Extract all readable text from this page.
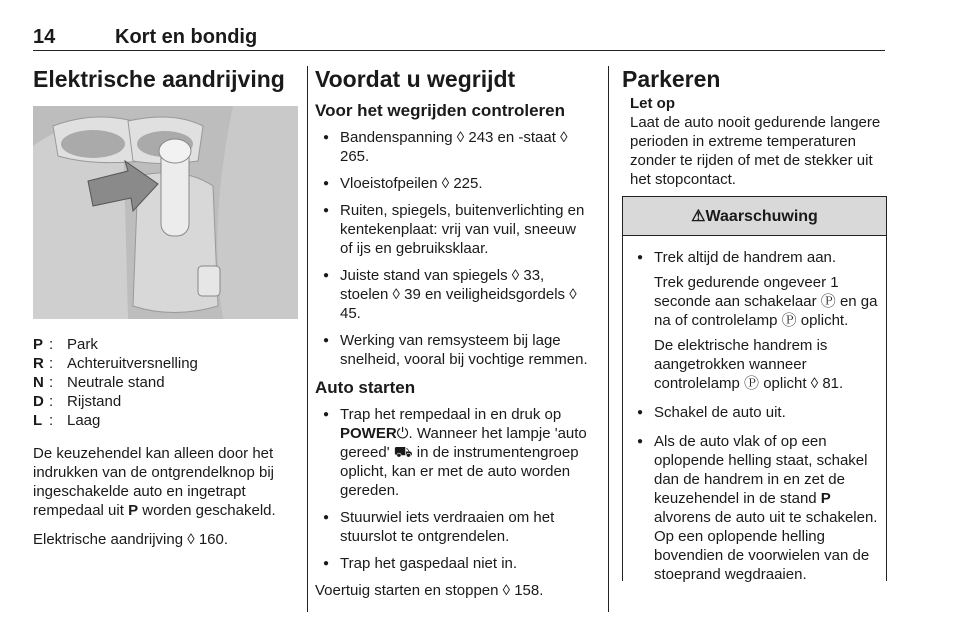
14	Kort en bondig
Elektrische aandrijving
P : Park
R : Achteruitversnelling
N : Neutrale stand
D : Rijstand
L : Laag

De keuzehendel kan alleen door het indrukken van de ontgrendelknop bij ingeschakelde auto en ingetrapt rempedaal uit P worden geschakeld.

Elektrische aandrijving ◊ 160.

Voordat u wegrijdt
Voor het wegrijden controleren
● Bandenspanning ◊ 243 en -staat ◊ 265.
● Vloeistofpeilen ◊ 225.
● Ruiten, spiegels, buitenverlichting en kentekenplaat: vrij van vuil, sneeuw of ijs en gebruiksklaar.
● Juiste stand van spiegels ◊ 33, stoelen ◊ 39 en veiligheidsgordels ◊ 45.
● Werking van remsysteem bij lage snelheid, vooral bij vochtige remmen.
Auto starten
● Trap het rempedaal in en druk op POWER⏻. Wanneer het lampje 'auto gereed' ⛟ in de instrumentengroep oplicht, kan er met de auto worden gereden.
● Stuurwiel iets verdraaien om het stuurslot te ontgrendelen.
● Trap het gaspedaal niet in.

Voertuig starten en stoppen ◊ 158.

Parkeren

Let op

Laat de auto nooit gedurende langere perioden in extreme temperaturen zonder te rijden of met de stekker uit het stopcontact.

⚠Waarschuwing
● Trek altijd de handrem aan.

Trek gedurende ongeveer 1 seconde aan schakelaar Ⓟ en ga na of controlelamp Ⓟ oplicht.

De elektrische handrem is aangetrokken wanneer controlelamp Ⓟ oplicht ◊ 81.

● Schakel de auto uit.
● Als de auto vlak of op een oplopende helling staat, schakel dan de handrem in en zet de keuzehendel in de stand P alvorens de auto uit te schakelen. Op een oplopende helling bovendien de voorwielen van de stoeprand wegdraaien.
